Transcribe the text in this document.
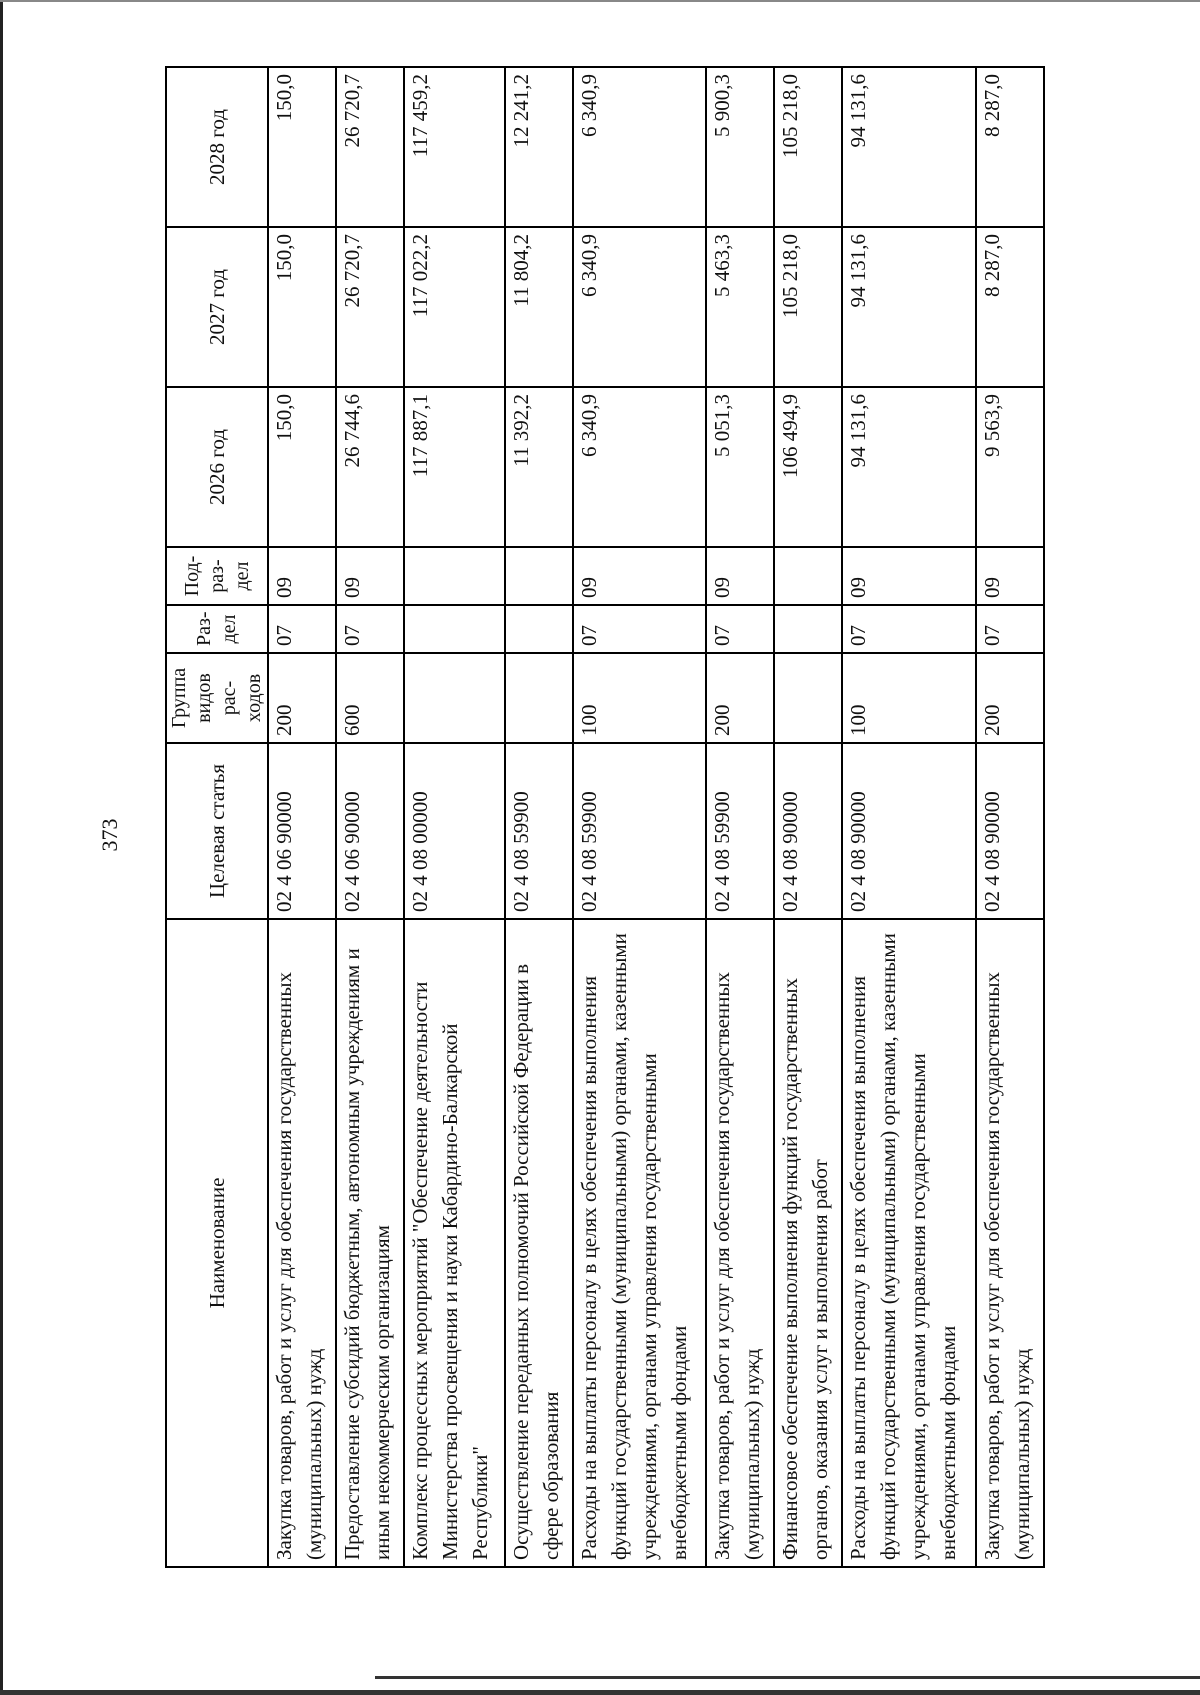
373
Наименование	Целевая статья	Группа видов рас-ходов	Раз-дел	Под-раз-дел	2026 год	2027 год	2028 год
Закупка товаров, работ и услуг для обеспечения государственных (муниципальных) нужд	02 4 06 90000	200	07	09	150,0	150,0	150,0
Предоставление субсидий бюджетным, автономным учреждениям и иным некоммерческим организациям	02 4 06 90000	600	07	09	26 744,6	26 720,7	26 720,7
Комплекс процессных мероприятий "Обеспечение деятельности Министерства просвещения и науки Кабардино-Балкарской Республики"	02 4 08 00000				117 887,1	117 022,2	117 459,2
Осуществление переданных полномочий Российской Федерации в сфере образования	02 4 08 59900				11 392,2	11 804,2	12 241,2
Расходы на выплаты персоналу в целях обеспечения выполнения функций государственными (муниципальными) органами, казенными учреждениями, органами управления государственными внебюджетными фондами	02 4 08 59900	100	07	09	6 340,9	6 340,9	6 340,9
Закупка товаров, работ и услуг для обеспечения государственных (муниципальных) нужд	02 4 08 59900	200	07	09	5 051,3	5 463,3	5 900,3
Финансовое обеспечение выполнения функций государственных органов, оказания услуг и выполнения работ	02 4 08 90000				106 494,9	105 218,0	105 218,0
Расходы на выплаты персоналу в целях обеспечения выполнения функций государственными (муниципальными) органами, казенными учреждениями, органами управления государственными внебюджетными фондами	02 4 08 90000	100	07	09	94 131,6	94 131,6	94 131,6
Закупка товаров, работ и услуг для обеспечения государственных (муниципальных) нужд	02 4 08 90000	200	07	09	9 563,9	8 287,0	8 287,0
